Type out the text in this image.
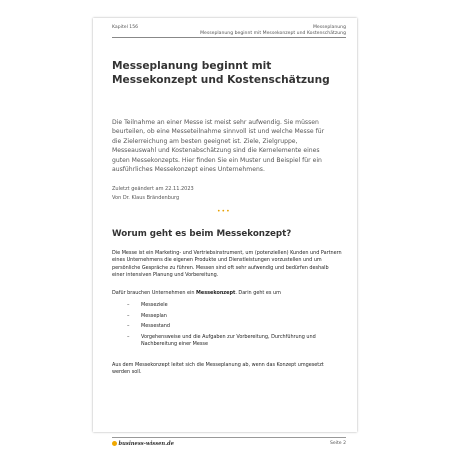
Kapitel 156	Messeplanung
Messeplanung beginnt mit Messekonzept und Kostenschätzung
Messeplanung beginnt mit Messekonzept und Kostenschätzung
Die Teilnahme an einer Messe ist meist sehr aufwendig. Sie müssen beurteilen, ob eine Messeteilnahme sinnvoll ist und welche Messe für die Zielerreichung am besten geeignet ist. Ziele, Zielgruppe, Messeauswahl und Kostenabschätzung sind die Kernelemente eines guten Messekonzepts. Hier finden Sie ein Muster und Beispiel für ein ausführliches Messekonzept eines Unternehmens.
Zuletzt geändert am 22.11.2023
Von Dr. Klaus Brändenburg
•••
Worum geht es beim Messekonzept?
Die Messe ist ein Marketing- und Vertriebsinstrument, um (potenziellen) Kunden und Partnern eines Unternehmens die eigenen Produkte und Dienstleistungen vorzustellen und um persönliche Gespräche zu führen. Messen sind oft sehr aufwendig und bedürfen deshalb einer intensiven Planung und Vorbereitung.
Dafür brauchen Unternehmen ein Messekonzept. Darin geht es um
– Messeziele
– Messeplan
– Messestand
– Vorgehensweise und die Aufgaben zur Vorbereitung, Durchführung und Nachbereitung einer Messe
Aus dem Messekonzept leitet sich die Messeplanung ab, wenn das Konzept umgesetzt werden soll.
business-wissen.de	Seite 2
